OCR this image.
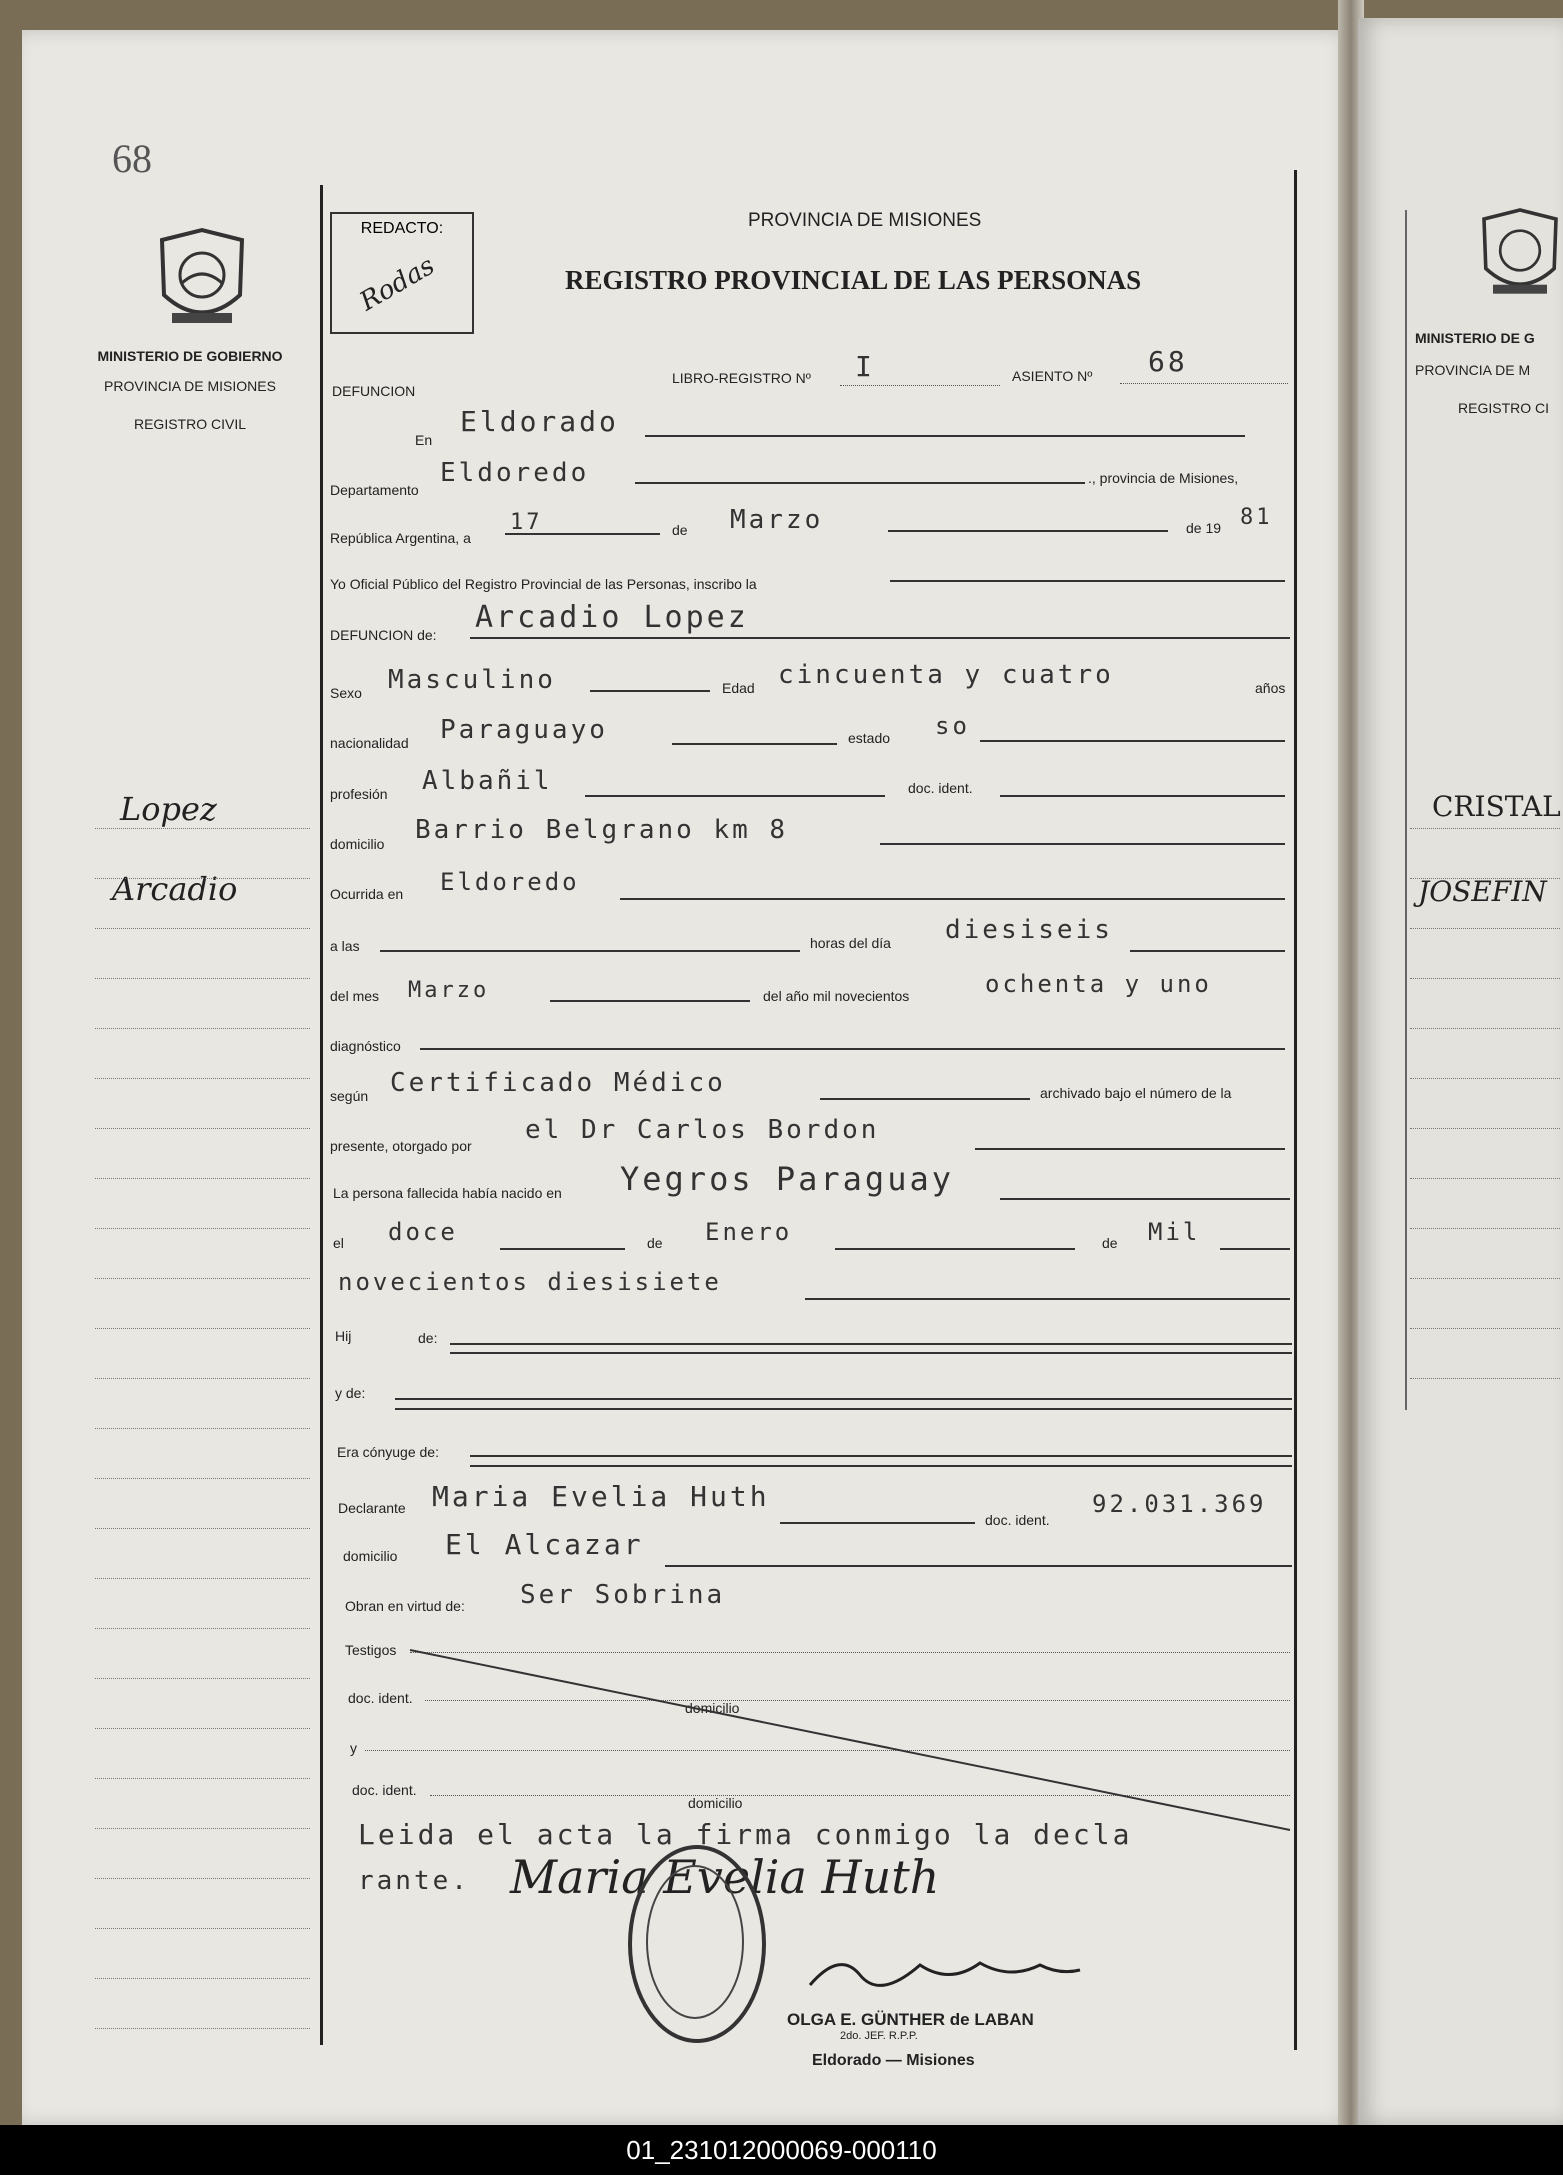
68
MINISTERIO DE GOBIERNO
PROVINCIA DE MISIONES
REGISTRO CIVIL
MINISTERIO DE G
PROVINCIA DE M
REGISTRO CI
REDACTO:
Rodas
PROVINCIA DE MISIONES
REGISTRO PROVINCIAL DE LAS PERSONAS
DEFUNCION
LIBRO-REGISTRO Nº I	ASIENTO Nº 68
Lopez
Arcadio
CRISTAL
JOSEFIN
En
Eldorado
Departamento
Eldoredo	., provincia de Misiones,
República Argentina, a
17	de Marzo	de 19 81
Yo Oficial Público del Registro Provincial de las Personas, inscribo la
DEFUNCION de: Arcadio Lopez
Sexo Masculino	Edad cincuenta y cuatro	años
nacionalidad Paraguayo	estado so
profesión Albañil	doc. ident.
domicilio Barrio Belgrano km 8
Ocurrida en Eldoredo
a las	horas del día diesiseis
del mes Marzo	del año mil novecientos	ochenta y uno
diagnóstico
según Certificado Médico	archivado bajo el número de la
presente, otorgado por
el Dr Carlos Bordon
La persona fallecida había nacido en Yegros Paraguay
el doce	de Enero	de Mil
novecientos diesisiete
Hij	de:
y de:
Era cónyuge de:
Declarante Maria Evelia Huth
doc. ident.
92.031.369
domicilio El Alcazar
Obran en virtud de: Ser Sobrina
Testigos
doc. ident.
domicilio
y
doc. ident.
domicilio
Leida el acta la firma conmigo la decla
rante. Maria Evelia Huth
OLGA E. GÜNTHER de LABAN
2do. JEF. R.P.P.
Eldorado — Misiones
01_231012000069-000110
